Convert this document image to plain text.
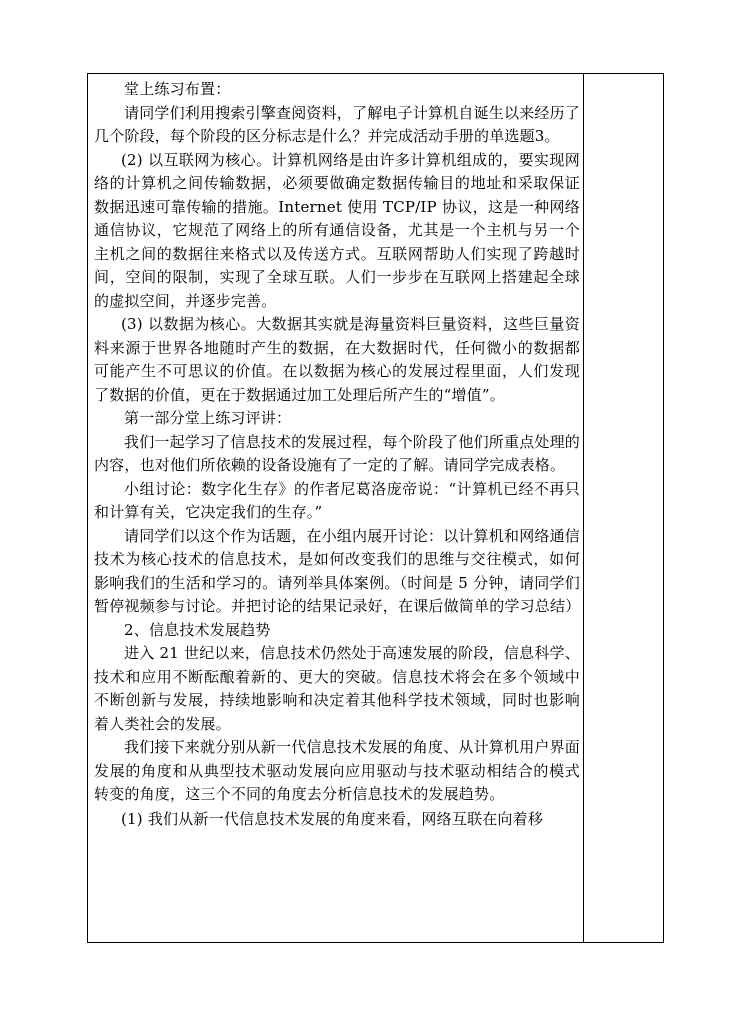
堂上练习布置：

请同学们利用搜索引擎查阅资料，了解电子计算机自诞生以来经历了几个阶段，每个阶段的区分标志是什么？并完成活动手册的单选题3。

(2) 以互联网为核心。计算机网络是由许多计算机组成的，要实现网络的计算机之间传输数据，必须要做确定数据传输目的地址和采取保证数据迅速可靠传输的措施。Internet 使用 TCP/IP 协议，这是一种网络通信协议，它规范了网络上的所有通信设备，尤其是一个主机与另一个主机之间的数据往来格式以及传送方式。互联网帮助人们实现了跨越时间，空间的限制，实现了全球互联。人们一步步在互联网上搭建起全球的虚拟空间，并逐步完善。

(3) 以数据为核心。大数据其实就是海量资料巨量资料，这些巨量资料来源于世界各地随时产生的数据，在大数据时代，任何微小的数据都可能产生不可思议的价值。在以数据为核心的发展过程里面，人们发现了数据的价值，更在于数据通过加工处理后所产生的“增值”。

第一部分堂上练习评讲：

我们一起学习了信息技术的发展过程，每个阶段了他们所重点处理的内容，也对他们所依赖的设备设施有了一定的了解。请同学完成表格。

小组讨论：数字化生存》的作者尼葛洛庞帝说：“计算机已经不再只和计算有关，它决定我们的生存。”

请同学们以这个作为话题，在小组内展开讨论：以计算机和网络通信技术为核心技术的信息技术，是如何改变我们的思维与交往模式，如何影响我们的生活和学习的。请列举具体案例。（时间是 5 分钟，请同学们暂停视频参与讨论。并把讨论的结果记录好，在课后做简单的学习总结）

2、信息技术发展趋势

进入 21 世纪以来，信息技术仍然处于高速发展的阶段，信息科学、技术和应用不断酝酿着新的、更大的突破。信息技术将会在多个领域中不断创新与发展，持续地影响和决定着其他科学技术领域，同时也影响着人类社会的发展。

我们接下来就分别从新一代信息技术发展的角度、从计算机用户界面发展的角度和从典型技术驱动发展向应用驱动与技术驱动相结合的模式转变的角度，这三个不同的角度去分析信息技术的发展趋势。

(1) 我们从新一代信息技术发展的角度来看，网络互联在向着移
